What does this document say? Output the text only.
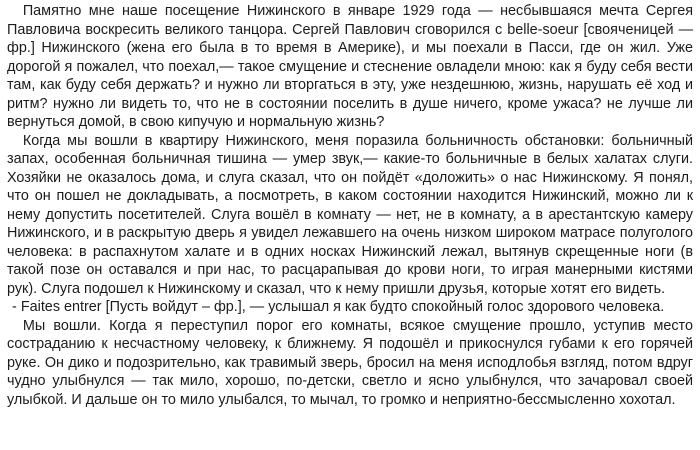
Памятно мне наше посещение Нижинского в январе 1929 года — несбывшаяся мечта Сергея Павловича воскресить великого танцора. Сергей Павлович сговорился с belle-soeur [свояченицей — фр.] Нижинского (жена его была в то время в Америке), и мы поехали в Пасси, где он жил. Уже дорогой я пожалел, что поехал,— такое смущение и стеснение овладели мною: как я буду себя вести там, как буду себя держать? и нужно ли вторгаться в эту, уже нездешнюю, жизнь, нарушать её ход и ритм? нужно ли видеть то, что не в состоянии поселить в душе ничего, кроме ужаса? не лучше ли вернуться домой, в свою кипучую и нормальную жизнь?

Когда мы вошли в квартиру Нижинского, меня поразила больничность обстановки: больничный запах, особенная больничная тишина — умер звук,— какие-то больничные в белых халатах слуги. Хозяйки не оказалось дома, и слуга сказал, что он пойдёт «доложить» о нас Нижинскому. Я понял, что он пошел не докладывать, а посмотреть, в каком состоянии находится Нижинский, можно ли к нему допустить посетителей. Слуга вошёл в комнату — нет, не в комнату, а в арестантскую камеру Нижинского, и в раскрытую дверь я увидел лежавшего на очень низком широком матрасе полуголого человека: в распахнутом халате и в одних носках Нижинский лежал, вытянув скрещенные ноги (в такой позе он оставался и при нас, то расцарапывая до крови ноги, то играя манерными кистями рук). Слуга подошел к Нижинскому и сказал, что к нему пришли друзья, которые хотят его видеть.

- Faites entrer [Пусть войдут – фр.], — услышал я как будто спокойный голос здорового человека.

Мы вошли. Когда я переступил порог его комнаты, всякое смущение прошло, уступив место состраданию к несчастному человеку, к ближнему. Я подошёл и прикоснулся губами к его горячей руке. Он дико и подозрительно, как травимый зверь, бросил на меня исподлобья взгляд, потом вдруг чудно улыбнулся — так мило, хорошо, по-детски, светло и ясно улыбнулся, что зачаровал своей улыбкой. И дальше он то мило улыбался, то мычал, то громко и неприятно-бессмысленно хохотал.
